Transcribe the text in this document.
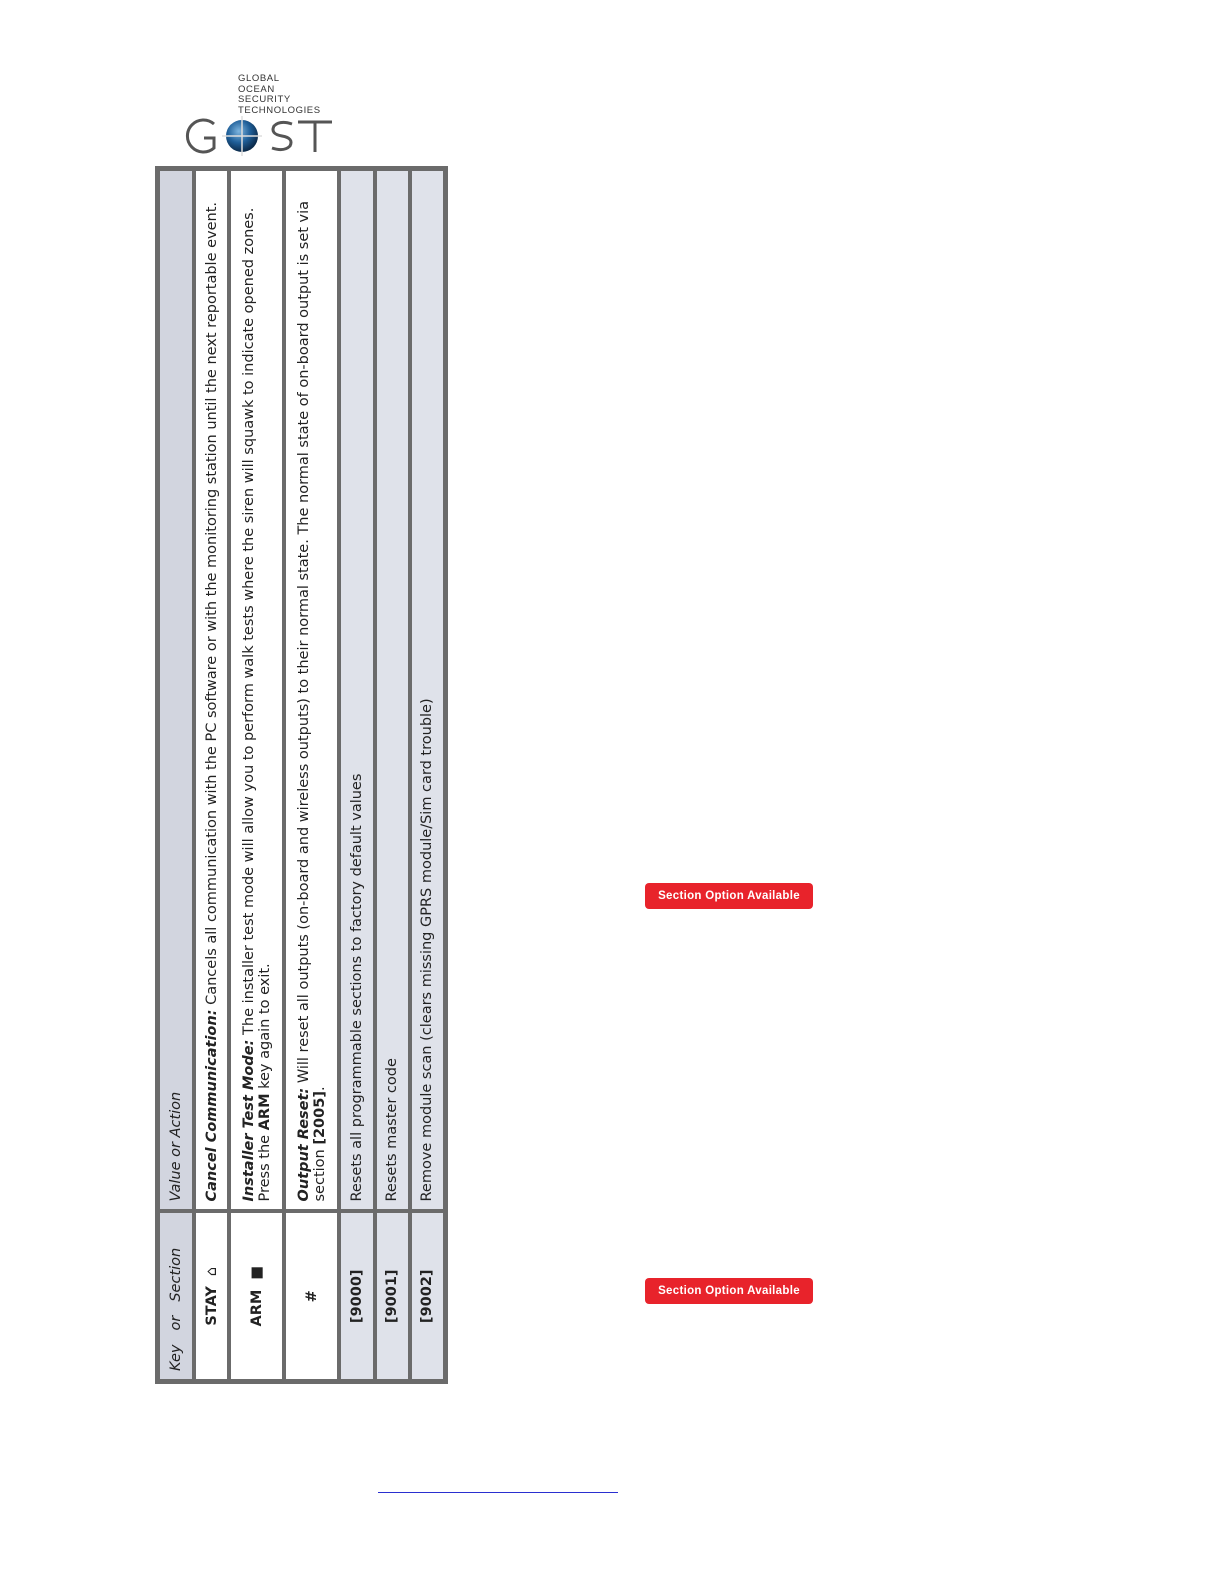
GLOBAL
OCEAN
SECURITY
TECHNOLOGIES
GOST
KeyorSection	Value or Action
STAY⌂	Cancel Communication: Cancels all communication with the PC software or with the monitoring station until the next reportable event.
ARM■	Installer Test Mode: The installer test mode will allow you to perform walk tests where the siren will squawk to indicate opened zones. Press the ARM key again to exit.
#	Output Reset: Will reset all outputs (on-board and wireless outputs) to their normal state. The normal state of on-board output is set via section [2005].
[9000]	Resets all programmable sections to factory default values
[9001]	Resets master code
[9002]	Remove module scan (clears missing GPRS module/Sim card trouble)	Section Option Available
Section Option Available
